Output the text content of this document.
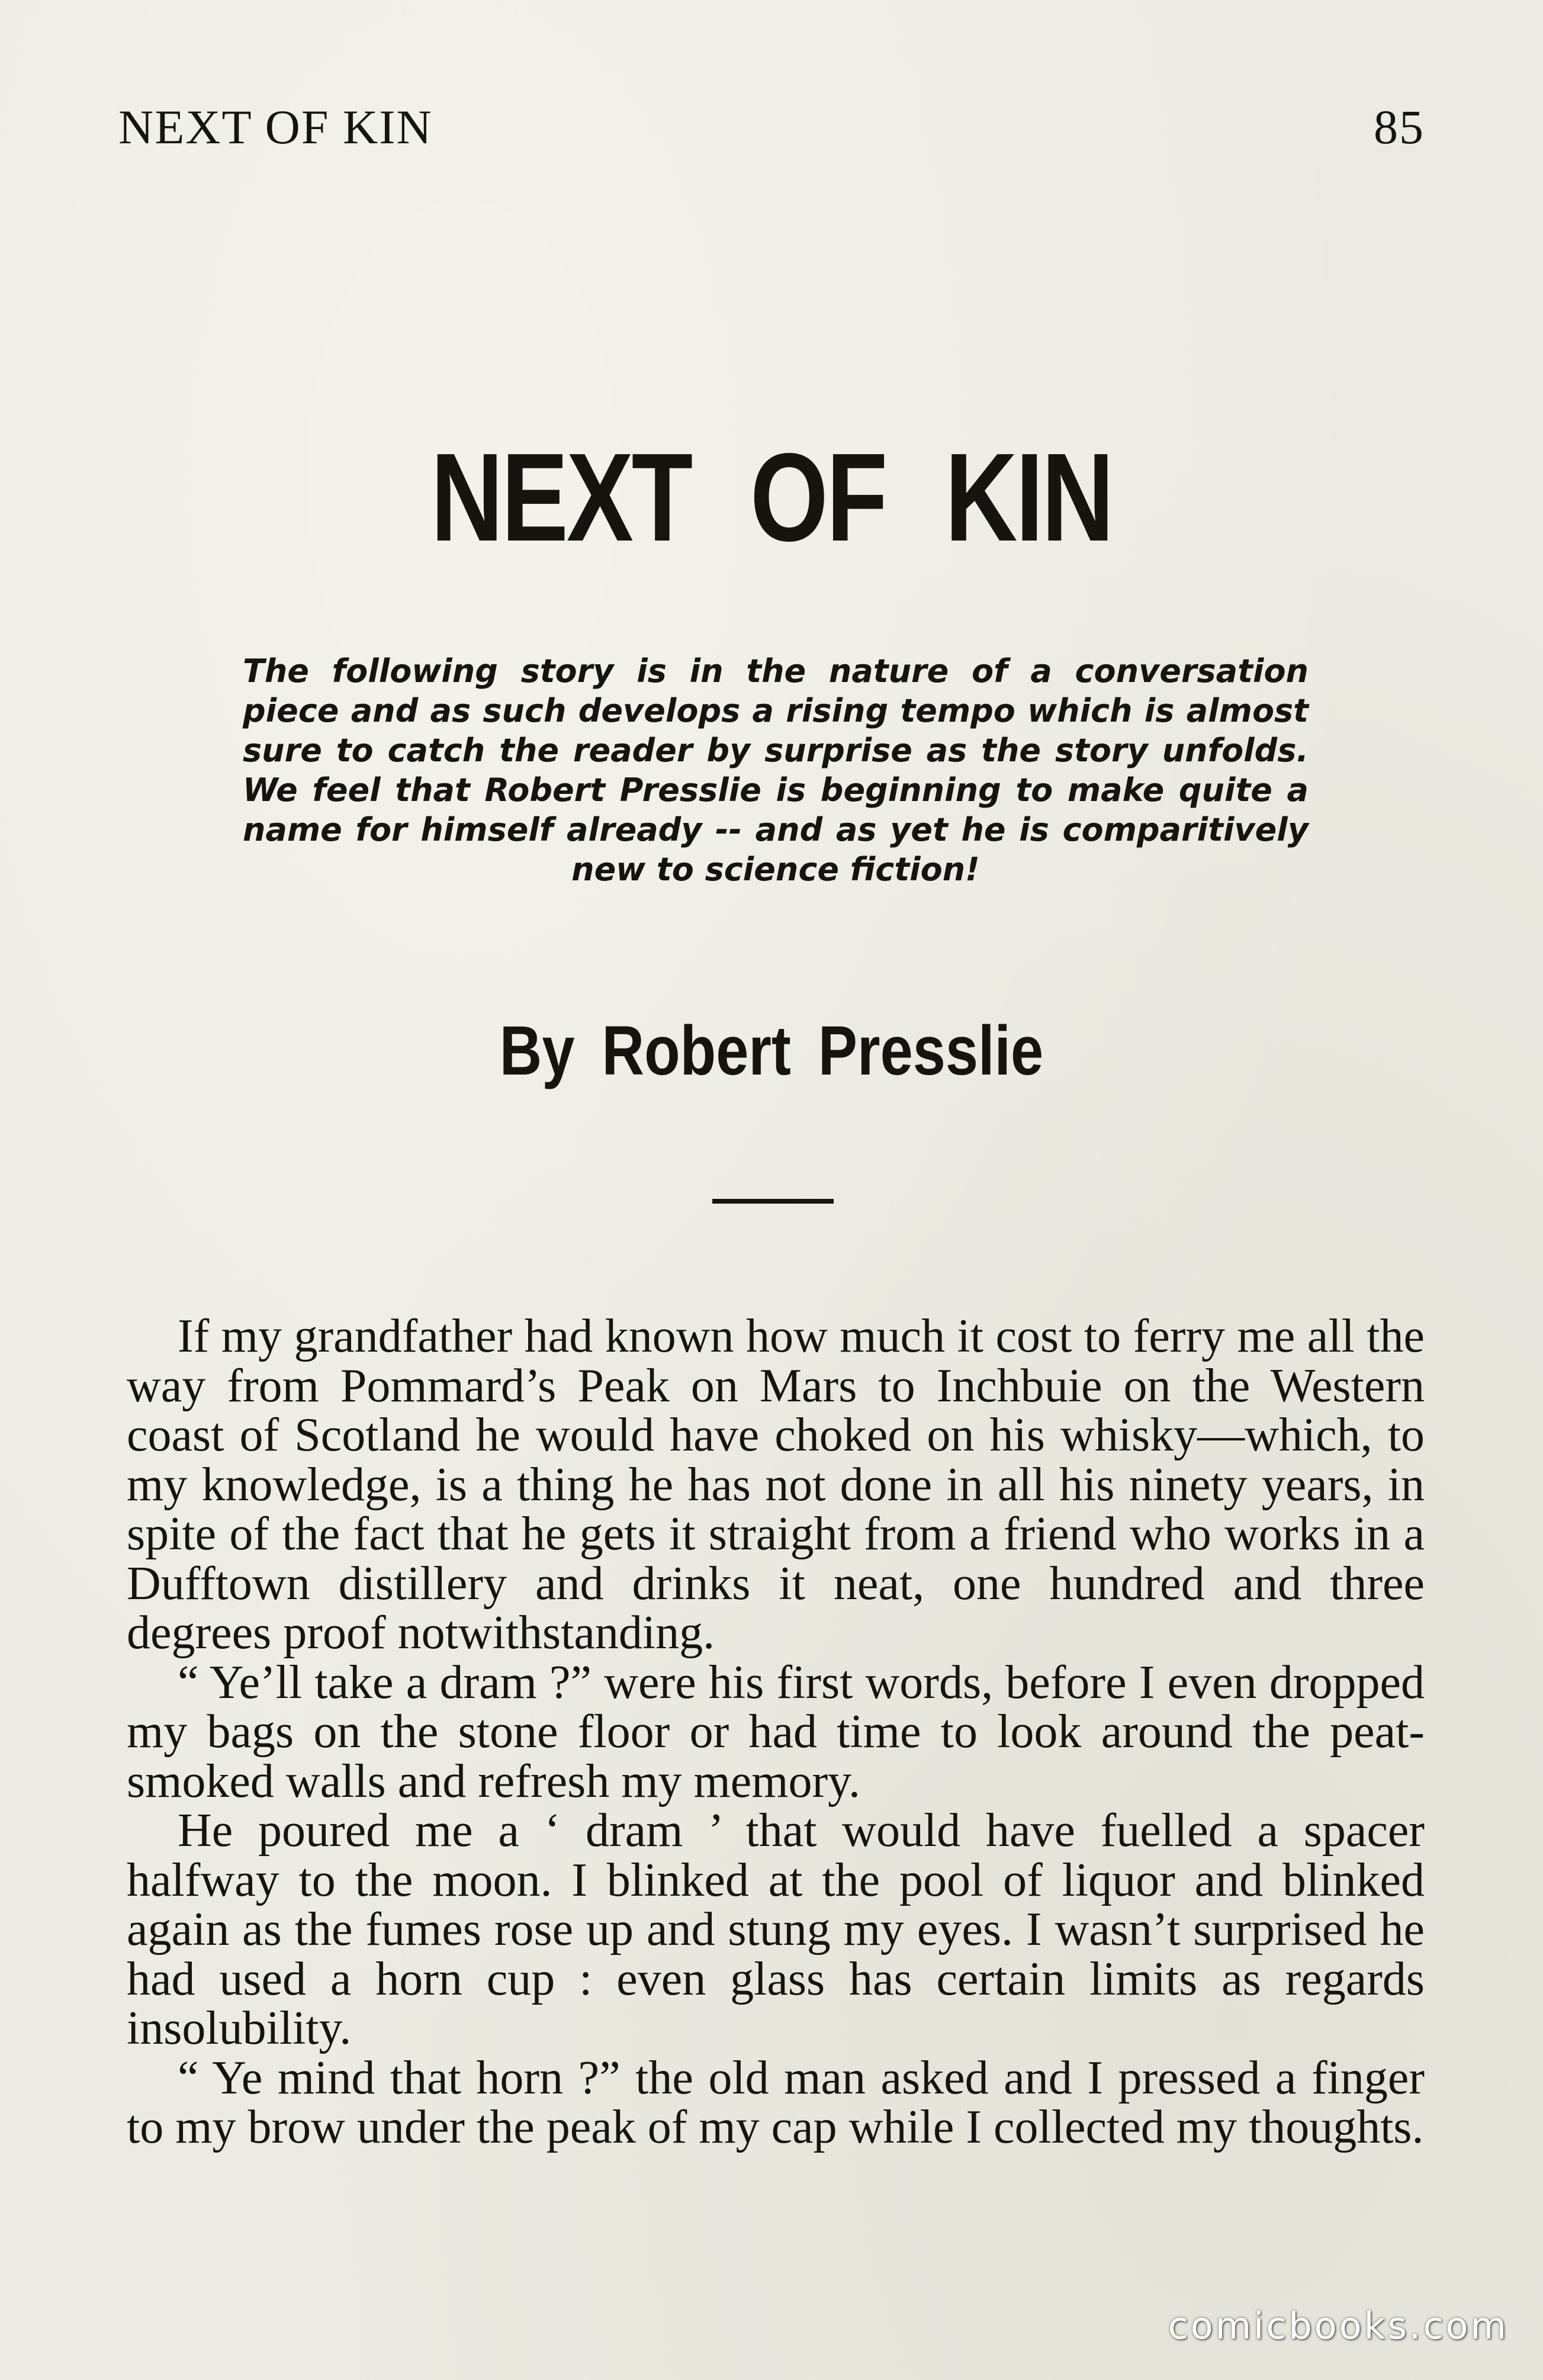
NEXT OF KIN	85
NEXT OF KIN
The following story is in the nature of a conversation piece and as such develops a rising tempo which is almost sure to catch the reader by surprise as the story unfolds. We feel that Robert Presslie is beginning to make quite a name for himself already -- and as yet he is comparitively new to science fiction!
By Robert Presslie

If my grandfather had known how much it cost to ferry me all the way from Pommard’s Peak on Mars to Inchbuie on the Western coast of Scotland he would have choked on his whisky—which, to my knowledge, is a thing he has not done in all his ninety years, in spite of the fact that he gets it straight from a friend who works in a Dufftown distillery and drinks it neat, one hundred and three degrees proof notwithstanding.

“ Ye’ll take a dram ?” were his first words, before I even dropped my bags on the stone floor or had time to look around the peat-smoked walls and refresh my memory.

He poured me a ‘ dram ’ that would have fuelled a spacer halfway to the moon. I blinked at the pool of liquor and blinked again as the fumes rose up and stung my eyes. I wasn’t surprised he had used a horn cup : even glass has certain limits as regards insolubility.

“ Ye mind that horn ?” the old man asked and I pressed a finger to my brow under the peak of my cap while I collected my thoughts.

comicbooks.com
